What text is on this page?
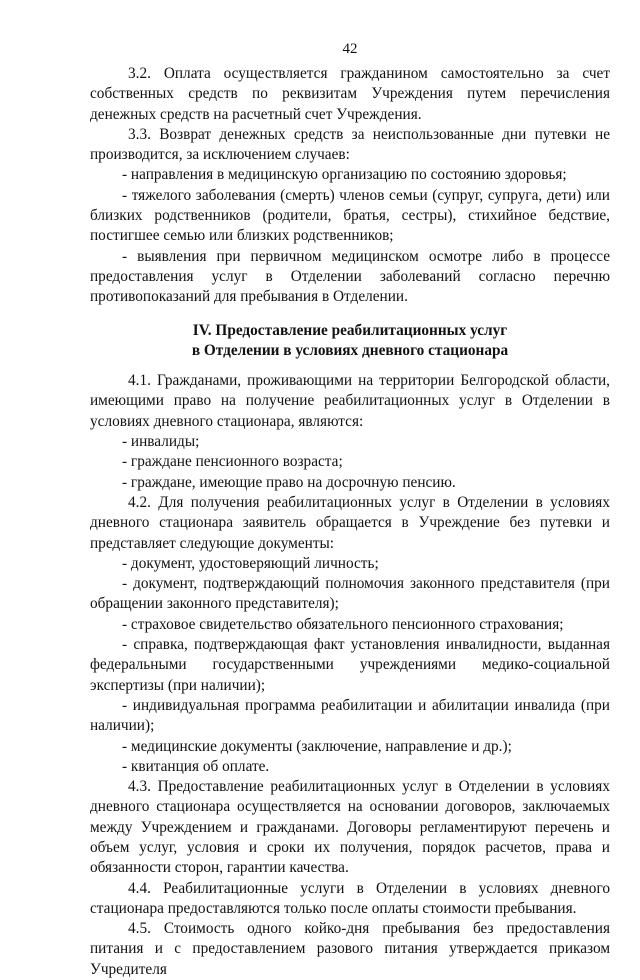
42

3.2. Оплата осуществляется гражданином самостоятельно за счет собственных средств по реквизитам Учреждения путем перечисления денежных средств на расчетный счет Учреждения.

3.3. Возврат денежных средств за неиспользованные дни путевки не производится, за исключением случаев:

- направления в медицинскую организацию по состоянию здоровья;

- тяжелого заболевания (смерть) членов семьи (супруг, супруга, дети) или близких родственников (родители, братья, сестры), стихийное бедствие, постигшее семью или близких родственников;

- выявления при первичном медицинском осмотре либо в процессе предоставления услуг в Отделении заболеваний согласно перечню противопоказаний для пребывания в Отделении.

IV. Предоставление реабилитационных услуг
в Отделении в условиях дневного стационара

4.1. Гражданами, проживающими на территории Белгородской области, имеющими право на получение реабилитационных услуг в Отделении в условиях дневного стационара, являются:

- инвалиды;

- граждане пенсионного возраста;

- граждане, имеющие право на досрочную пенсию.

4.2. Для получения реабилитационных услуг в Отделении в условиях дневного стационара заявитель обращается в Учреждение без путевки и представляет следующие документы:

- документ, удостоверяющий личность;

- документ, подтверждающий полномочия законного представителя (при обращении законного представителя);

- страховое свидетельство обязательного пенсионного страхования;

- справка, подтверждающая факт установления инвалидности, выданная федеральными государственными учреждениями медико-социальной экспертизы (при наличии);

- индивидуальная программа реабилитации и абилитации инвалида (при наличии);

- медицинские документы (заключение, направление и др.);

- квитанция об оплате.

4.3. Предоставление реабилитационных услуг в Отделении в условиях дневного стационара осуществляется на основании договоров, заключаемых между Учреждением и гражданами. Договоры регламентируют перечень и объем услуг, условия и сроки их получения, порядок расчетов, права и обязанности сторон, гарантии качества.

4.4. Реабилитационные услуги в Отделении в условиях дневного стационара предоставляются только после оплаты стоимости пребывания.

4.5. Стоимость одного койко-дня пребывания без предоставления питания и с предоставлением разового питания утверждается приказом Учредителя
